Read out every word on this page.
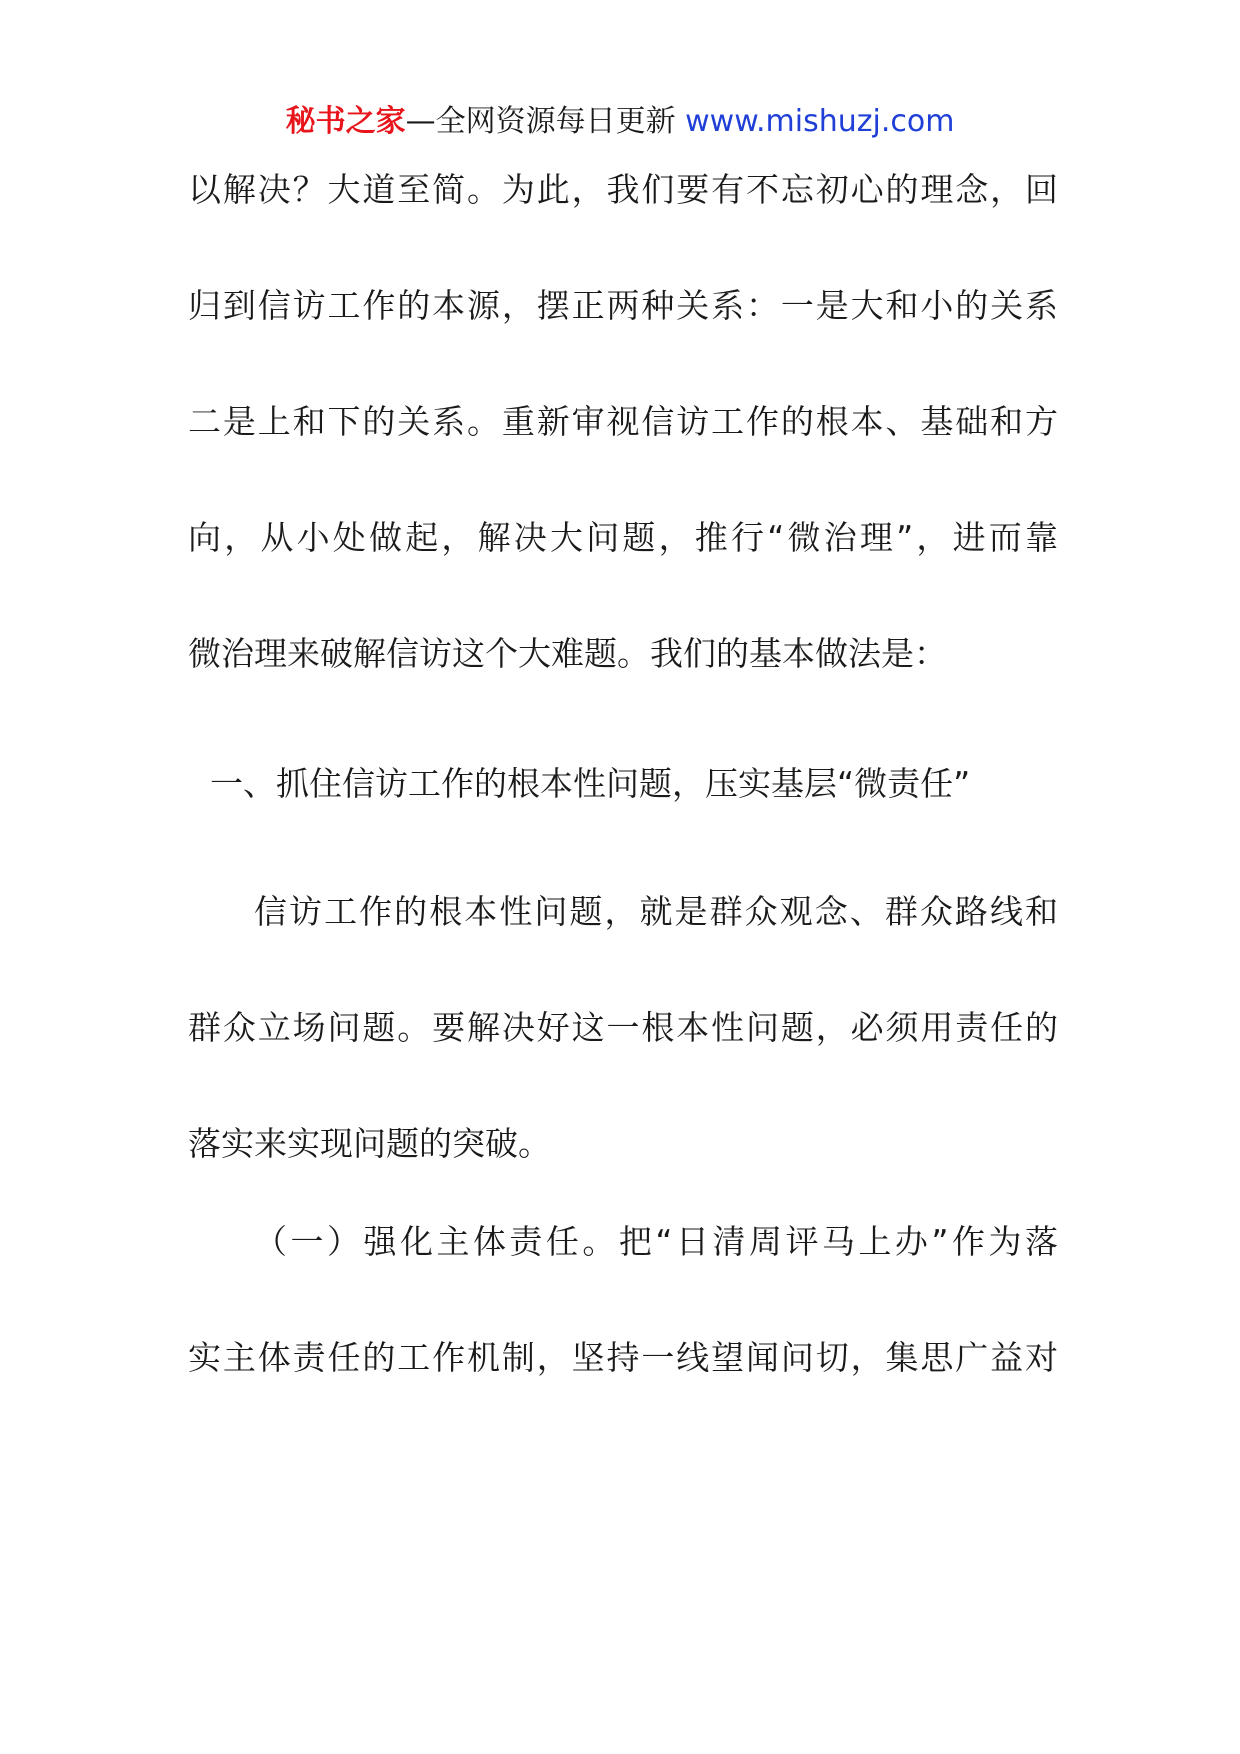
秘书之家—全网资源每日更新 www.mishuzj.com
以解决？大道至简。为此，我们要有不忘初心的理念，回
归到信访工作的本源，摆正两种关系：一是大和小的关系
二是上和下的关系。重新审视信访工作的根本、基础和方
向，从小处做起，解决大问题，推行“微治理”，进而靠
微治理来破解信访这个大难题。我们的基本做法是：
一、抓住信访工作的根本性问题，压实基层“微责任”
信访工作的根本性问题，就是群众观念、群众路线和
群众立场问题。要解决好这一根本性问题，必须用责任的
落实来实现问题的突破。
（一）强化主体责任。把“日清周评马上办”作为落
实主体责任的工作机制，坚持一线望闻问切，集思广益对
